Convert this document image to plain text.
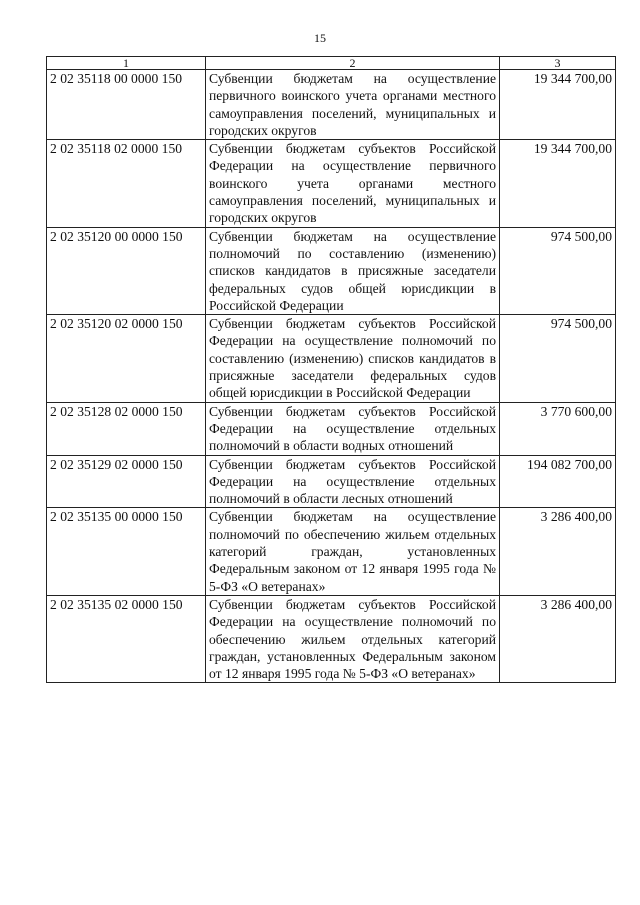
15
1	2	3
2 02 35118 00 0000 150	Субвенции бюджетам на осуществление первичного воинского учета органами местного самоуправления поселений, муниципальных и городских округов	19 344 700,00
2 02 35118 02 0000 150	Субвенции бюджетам субъектов Российской Федерации на осуществление первичного воинского учета органами местного самоуправления поселений, муниципальных и городских округов	19 344 700,00
2 02 35120 00 0000 150	Субвенции бюджетам на осуществление полномочий по составлению (изменению) списков кандидатов в присяжные заседатели федеральных судов общей юрисдикции в Российской Федерации	974 500,00
2 02 35120 02 0000 150	Субвенции бюджетам субъектов Российской Федерации на осуществление полномочий по составлению (изменению) списков кандидатов в присяжные заседатели федеральных судов общей юрисдикции в Российской Федерации	974 500,00
2 02 35128 02 0000 150	Субвенции бюджетам субъектов Российской Федерации на осуществление отдельных полномочий в области водных отношений	3 770 600,00
2 02 35129 02 0000 150	Субвенции бюджетам субъектов Российской Федерации на осуществление отдельных полномочий в области лесных отношений	194 082 700,00
2 02 35135 00 0000 150	Субвенции бюджетам на осуществление полномочий по обеспечению жильем отдельных категорий граждан, установленных Федеральным законом от 12 января 1995 года № 5-ФЗ «О ветеранах»	3 286 400,00
2 02 35135 02 0000 150	Субвенции бюджетам субъектов Российской Федерации на осуществление полномочий по обеспечению жильем отдельных категорий граждан, установленных Федеральным законом от 12 января 1995 года № 5-ФЗ «О ветеранах»	3 286 400,00
